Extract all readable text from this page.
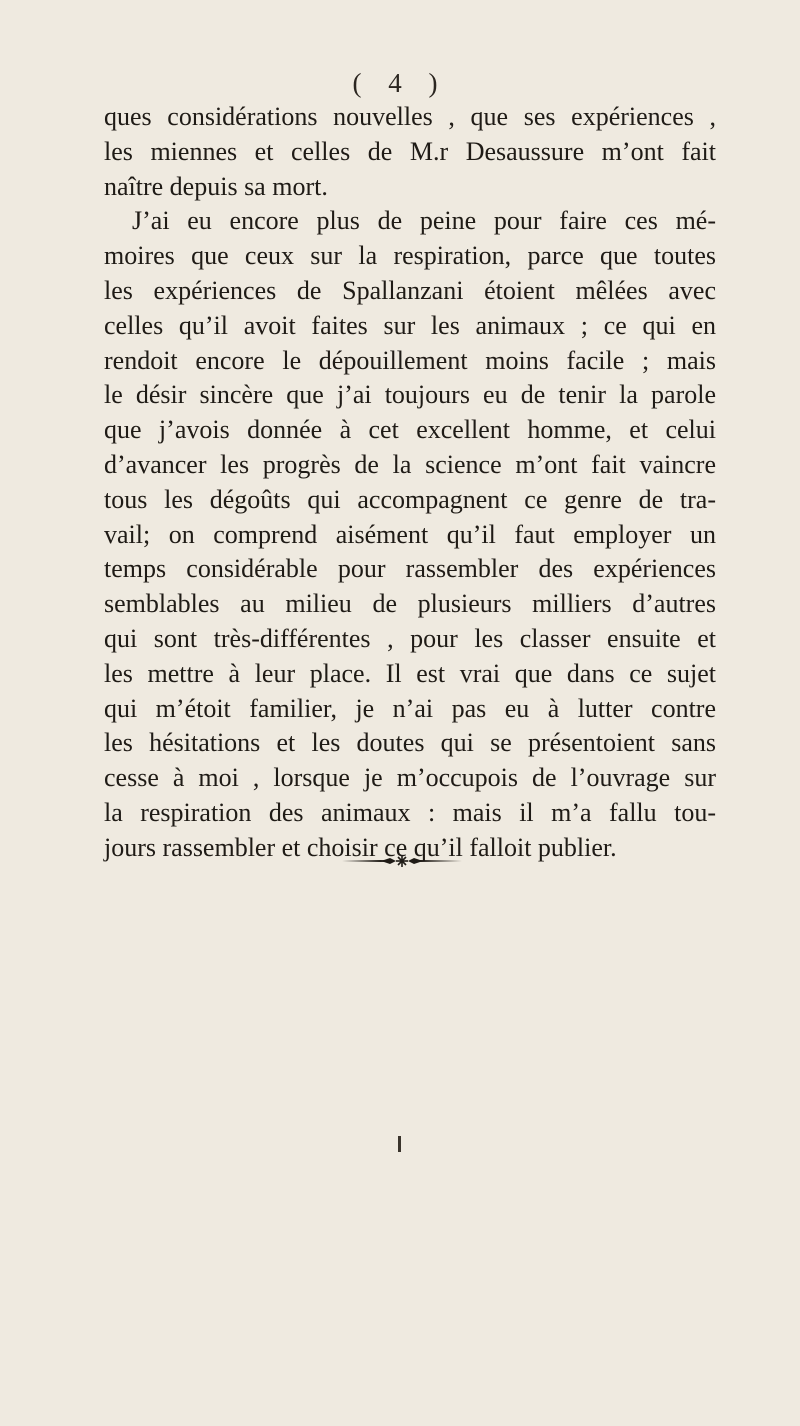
( 4 )
ques considérations nouvelles , que ses expériences ,
les miennes et celles de M.r Desaussure m’ont fait
naître depuis sa mort.
J’ai eu encore plus de peine pour faire ces mé-
moires que ceux sur la respiration, parce que toutes
les expériences de Spallanzani étoient mêlées avec
celles qu’il avoit faites sur les animaux ; ce qui en
rendoit encore le dépouillement moins facile ; mais
le désir sincère que j’ai toujours eu de tenir la parole
que j’avois donnée à cet excellent homme, et celui
d’avancer les progrès de la science m’ont fait vaincre
tous les dégoûts qui accompagnent ce genre de tra-
vail; on comprend aisément qu’il faut employer un
temps considérable pour rassembler des expériences
semblables au milieu de plusieurs milliers d’autres
qui sont très-différentes , pour les classer ensuite et
les mettre à leur place. Il est vrai que dans ce sujet
qui m’étoit familier, je n’ai pas eu à lutter contre
les hésitations et les doutes qui se présentoient sans
cesse à moi , lorsque je m’occupois de l’ouvrage sur
la respiration des animaux : mais il m’a fallu tou-
jours rassembler et choisir ce qu’il falloit publier.
